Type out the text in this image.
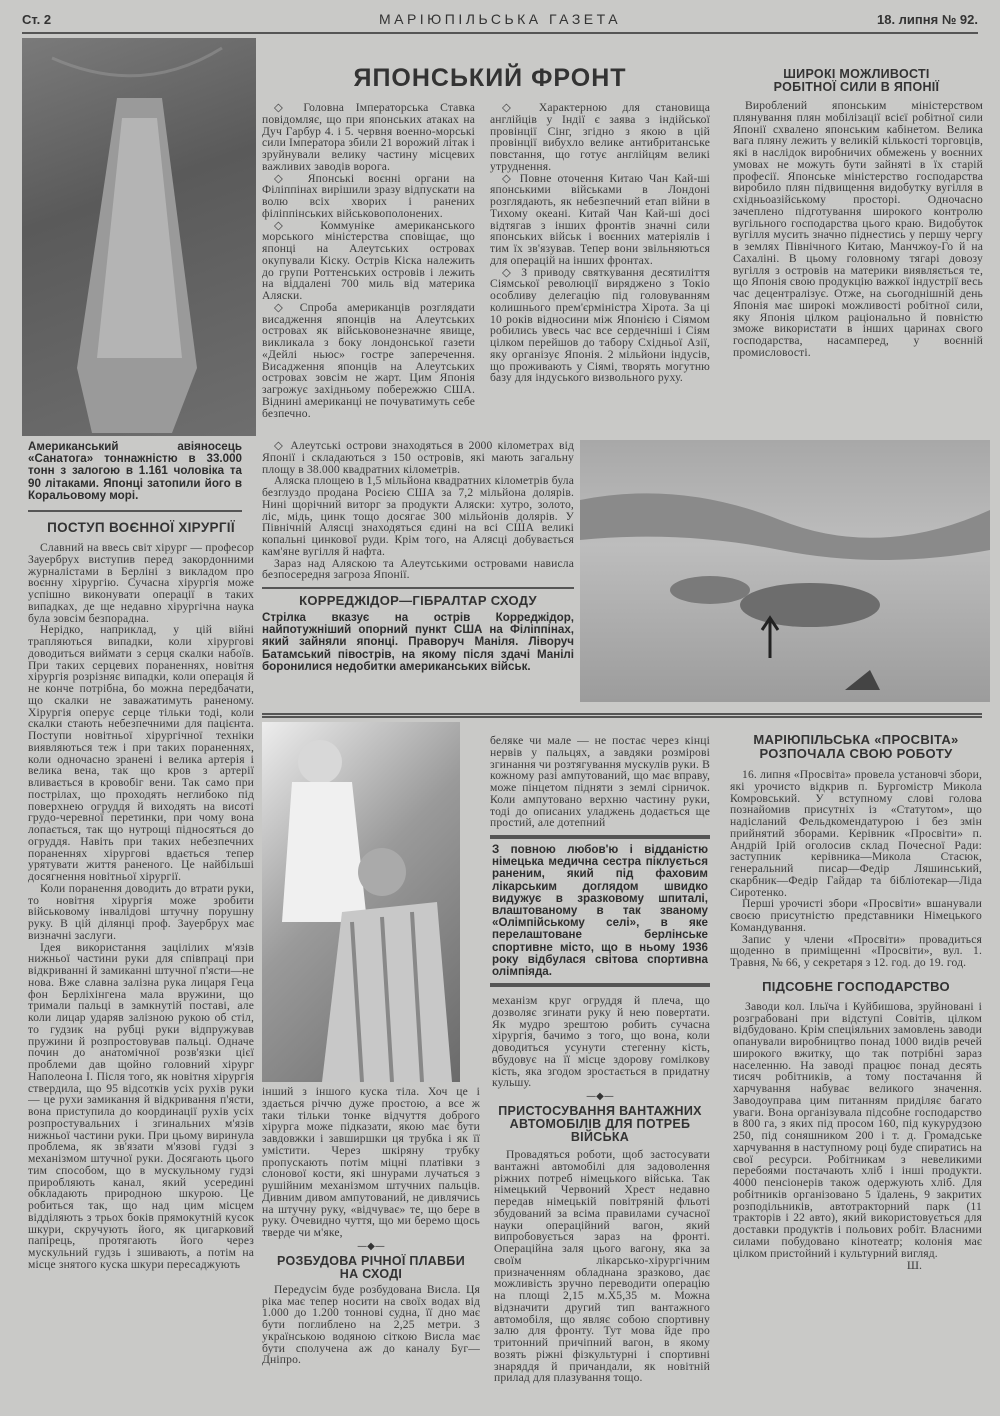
Ст. 2	МАРІЮПІЛЬСЬКА ГАЗЕТА	18. липня № 92.
Американський авіяносець «Санатога» тоннажністю в 33.000 тонн з залогою в 1.161 чоловіка та 90 літаками. Японці затопили його в Коральовому морі.
ПОСТУП ВОЄННОЇ ХІРУРГІЇ

Славний на ввесь світ хірург — професор Зауербрух виступив перед закордонними журналістами в Берліні з викладом про воєнну хірургію. Сучасна хірургія може успішно виконувати операції в таких випадках, де ще недавно хірургічна наука була зовсім безпорадна.

Нерідко, наприклад, у цій війні трапляються випадки, коли хірургові доводиться виймати з серця скалки набоїв. При таких серцевих пораненнях, новітня хірургія розрізняє випадки, коли операція й не конче потрібна, бо можна передбачати, що скалки не заважатимуть раненому. Хірургія оперує серце тільки тоді, коли скалки стають небезпечними для пацієнта. Поступи новітньої хірургічної техніки виявляються теж і при таких пораненнях, коли одночасно зранені і велика артерія і велика вена, так що кров з артерії вливається в кровобіг вени. Так само при пострілах, що проходять неглибоко під поверхнею огруддя й виходять на висоті грудо-черевної перетинки, при чому вона лопається, так що нутрощі підносяться до огруддя. Навіть при таких небезпечних пораненнях хірургові вдається тепер урятувати життя раненого. Це найбільші досягнення новітньої хірургії.

Коли поранення доводить до втрати руки, то новітня хірургія може зробити військовому інвалідові штучну порушну руку. В цій ділянці проф. Зауербрух має визначні заслуги.

Ідея використання зацілілих м'язів нижньої частини руки для співпраці при відкриванні й замиканні штучної п'ясти—не нова. Вже славна залізна рука лицаря Геца фон Берліхінгена мала вружини, що тримали пальці в замкнутій поставі, але коли лицар ударяв залізною рукою об стіл, то гудзик на рубці руки відпружував пружини й розпростовував пальці. Одначе почин до анатомічної розв'язки цієї проблеми дав щойно головний хірург Наполеона І. Після того, як новітня хірургія ствердила, що 95 відсотків усіх рухів руки — це рухи замикання й відкривання п'ясти, вона приступила до координації рухів усіх розпростувальних і згинальних м'язів нижньої частини руки. При цьому виринула проблема, як зв'язати м'язові гудзі з механізмом штучної руки. Досягають цього тим способом, що в мускульному гудзі приробляють канал, який усередині обкладають природною шкурою. Це робиться так, що над цим місцем відділяють з трьох боків прямокутній кусок шкури, скручують його, як цигарковий папірець, протягають його через мускульний гудзь і зшивають, а потім на місце знятого куска шкури пересаджують

ЯПОНСЬКИЙ ФРОНТ

◇ Головна Імператорська Ставка повідомляє, що при японських атаках на Дуч Гарбур 4. і 5. червня военно-морські сили Імператора збили 21 ворожий літак і зруйнували велику частину місцевих важливих заводів ворога.

◇ Японські воєнні органи на Філіппінах вирішили зразу відпускати на волю всіх хворих і ранених філіппінських військовополонених.

◇ Коммуніке американського морського міністерства сповіщає, що японці на Алеутських островах окупували Кіску. Острів Кіска належить до групи Роттенських островів і лежить на віддалені 700 миль від материка Аляски.

◇ Спроба американців розглядати висадження японців на Алеутських островах як військовонезначне явище, викликала з боку лондонської газети «Дейлі ньюс» гостре заперечення. Висадження японців на Алеутських островах зовсім не жарт. Цим Японія загрожує західньому побережжю США. Віднині американці не почуватимуть себе безпечно.

◇ Характерною для становища англійців у Індії є заява з індійської провінції Сінг, згідно з якою в цій провінції вибухло велике антибританське повстання, що готує англійцям великі утруднення.

◇ Повне оточення Китаю Чан Кай-ші японськими військами в Лондоні розглядають, як небезпечний етап війни в Тихому океані. Китай Чан Кай-ші досі відтягав з інших фронтів значні сили японських військ і воєнних матеріялів і тим їх зв'язував. Тепер вони звільняються для операцій на інших фронтах.

◇ З приводу святкування десятиліття Сіямської революції вирядженo з Токіо особливу делегацію під головуванням колишнього прем'єрміністра Хірота. За ці 10 років відносини між Японією і Сіямом робились увесь час все сердечніші і Сіям цілком перейшов до табору Східньої Азії, яку організує Японія. 2 мільйони індусів, що проживають у Сіямі, творять могутню базу для індуського визвольного руху.

◇ Алеутські острови знаходяться в 2000 кілометрах від Японії і складаються з 150 островів, які мають загальну площу в 38.000 квадратних кілометрів.

Аляска площею в 1,5 мільйона квадратних кілометрів була безглуздо продана Росією США за 7,2 мільйона долярів. Нині щорічний виторг за продукти Аляски: хутро, золото, ліс, мідь, цинк тощо досягає 300 мільйонів долярів. У Північній Алясці знаходяться єдині на всі США великі копальні цинкової руди. Крім того, на Алясці добувається кам'яне вугілля й нафта.

Зараз над Аляскою та Алеутськими островами нависла безпосередня загроза Японії.

КОРРЕДЖІДОР—ГІБРАЛТАР СХОДУ
Стрілка вказує на острів Корреджідор, найпотужніший опорний пункт США на Філіппінах, який зайняли японці. Праворуч Маніля. Ліворуч Батамський півострів, на якому після здачі Манілі боронилися недобитки американських військ.
ШИРОКІ МОЖЛИВОСТІ
РОБІТНОЇ СИЛИ В ЯПОНІЇ

Вироблений японським міністерством плянування плян мобілізації всієї робітної сили Японії схвалено японським кабінетом. Велика вага пляну лежить у великій кількості торговців, які в наслідок виробничих обмежень у воєнних умовах не можуть бути зайняті в їх старій професії. Японське міністерство господарства виробило плян підвищення видобутку вугілля в східньоазійському просторі. Одночасно зачеплено підготування широкого контролю вугільного господарства цього краю. Видобуток вугілля мусить значно піднестись у першу чергу в землях Північного Китаю, Манчжоу-Го й на Сахаліні. В цьому головному тягарі довозу вугілля з островів на материки виявляється те, що Японія свою продукцію важкої індустрії весь час децентралізує. Отже, на сьогоднішній день Японія має широкі можливості робітної сили, яку Японія цілком раціонально й повністю зможе використати в інших царинах свого господарства, насамперед, у воєнній промисловості.

інший з іншого куска тіла. Хоч це і здається річчю дуже простою, а все ж таки тільки тонке відчуття доброго хірурга може підказати, якою має бути завдовжки і завширшки ця трубка і як її умістити. Через шкіряну трубку пропускають потім міцні платівки з слонової кости, які шнурами лучаться з рушійним механізмом штучних пальців. Дивним дивом ампутований, не дивлячись на штучну руку, «відчуває» те, що бере в руку. Очевидно чуття, що ми беремо щось тверде чи м'яке,

—◆—
РОЗБУДОВА РІЧНОЇ ПЛАВБИ НА СХОДІ

Передусім буде розбудована Висла. Ця ріка має тепер носити на своїх водах від 1.000 до 1.200 тоннові судна, її дно має бути поглиблено на 2,25 метри. З українською водяною сіткою Висла має бути сполучена аж до каналу Буг—Дніпро.

беляке чи мале — не постає через кінці нервів у пальцях, а завдяки розмірові згинання чи розтягування мускулів руки. В кожному разі ампутований, що має вправу, може пінцетом підняти з землі сірничок. Коли ампутовано верхню частину руки, тоді до описаних уладжень додається ще простий, але дотепний

З повною любов'ю і відданістю німецька медична сестра піклується раненим, який під фаховим лікарським доглядом швидко видужує в зразковому шпиталі, влаштованому в так званому «Олімпійському селі», в яке перелаштоване берлінське спортивне місто, що в ньому 1936 року відбулася світова спортивна олімпіяда.

механізм круг огруддя й плеча, що дозволяє згинати руку й нею повертати. Як мудро зрештою робить сучасна хірургія, бачимо з того, що вона, коли доводиться усунути стегенну кість, вбудовує на її місце здорову гомілкову кість, яка згодом зростається в придатну кульшу.

—◆—
ПРИСТОСУВАННЯ ВАНТАЖНИХ АВТОМОБІЛІВ ДЛЯ ПОТРЕБ ВІЙСЬКА

Провадяться роботи, щоб застосувати вантажні автомобілі для задоволення ріжних потреб німецького війська. Так німецький Червоний Хрест недавно передав німецькій повітряній фльоті збудований за всіма правилами сучасної науки операційний вагон, який випробовується зараз на фронті. Операційна заля цього вагону, яка за своїм лікарсько-хірургічним призначенням обладнана зразково, дає можливість зручно переводити операцію на площі 2,15 м.Х5,35 м. Можна відзначити другий тип вантажного автомобіля, що являє собою спортивну залю для фронту. Тут мова йде про тритонний причіпний вагон, в якому возять ріжні фізкультурні і спортивні знаряддя й причандали, як новітній прилад для плазування тощо.

МАРІЮПІЛЬСЬКА «ПРОСВІТА»
РОЗПОЧАЛА СВОЮ РОБОТУ

16. липня «Просвіта» провела установчі збори, які урочисто відкрив п. Бургомістр Микола Комровський. У вступному слові голова познайомив присутніх із «Статутом», що надісланий Фельдкомендатурою і без змін прийнятий зборами. Керівник «Просвіти» п. Андрій Ірій оголосив склад Почесної Ради: заступник керівника—Микола Стасюк, генеральний писар—Федір Ляшинський, скарбник—Федір Гайдар та бібліотекар—Ліда Сиротенко.

Перші урочисті збори «Просвіти» вшанували своєю присутністю представники Німецького Командування.

Запис у члени «Просвіти» провадиться щоденно в приміщенні «Просвіти», вул. 1. Травня, № 66, у секретаря з 12. год. до 19. год.

ПІДСОБНЕ ГОСПОДАРСТВО

Заводи кол. Ільїча і Куйбишова, зруйновані і розграбовані при відступі Совітів, цілком відбудовано. Крім спеціяльних замовлень заводи опанували виробництво понад 1000 видів речей широкого вжитку, що так потрібні зараз населенню. На заводі працює понад десять тисяч робітників, а тому постачання й харчування набуває великого значення. Заводоуправа цим питанням приділяє багато уваги. Вона організувала підсобне господарство в 800 га, з яких під просом 160, під кукурудзою 250, під соняшником 200 і т. д. Громадське харчування в наступному році буде спиратись на свої ресурси. Робітникам з невеликими перебоями постачають хліб і інші продукти. 4000 пенсіонерів також одержують хліб. Для робітників організовано 5 їдалень, 9 закритих розподільників, автотракторний парк (11 тракторів і 22 авто), який використовується для доставки продуктів і польових робіт. Власними силами побудовано кінотеатр; колонія має цілком пристойний і культурний вигляд.

Ш.
